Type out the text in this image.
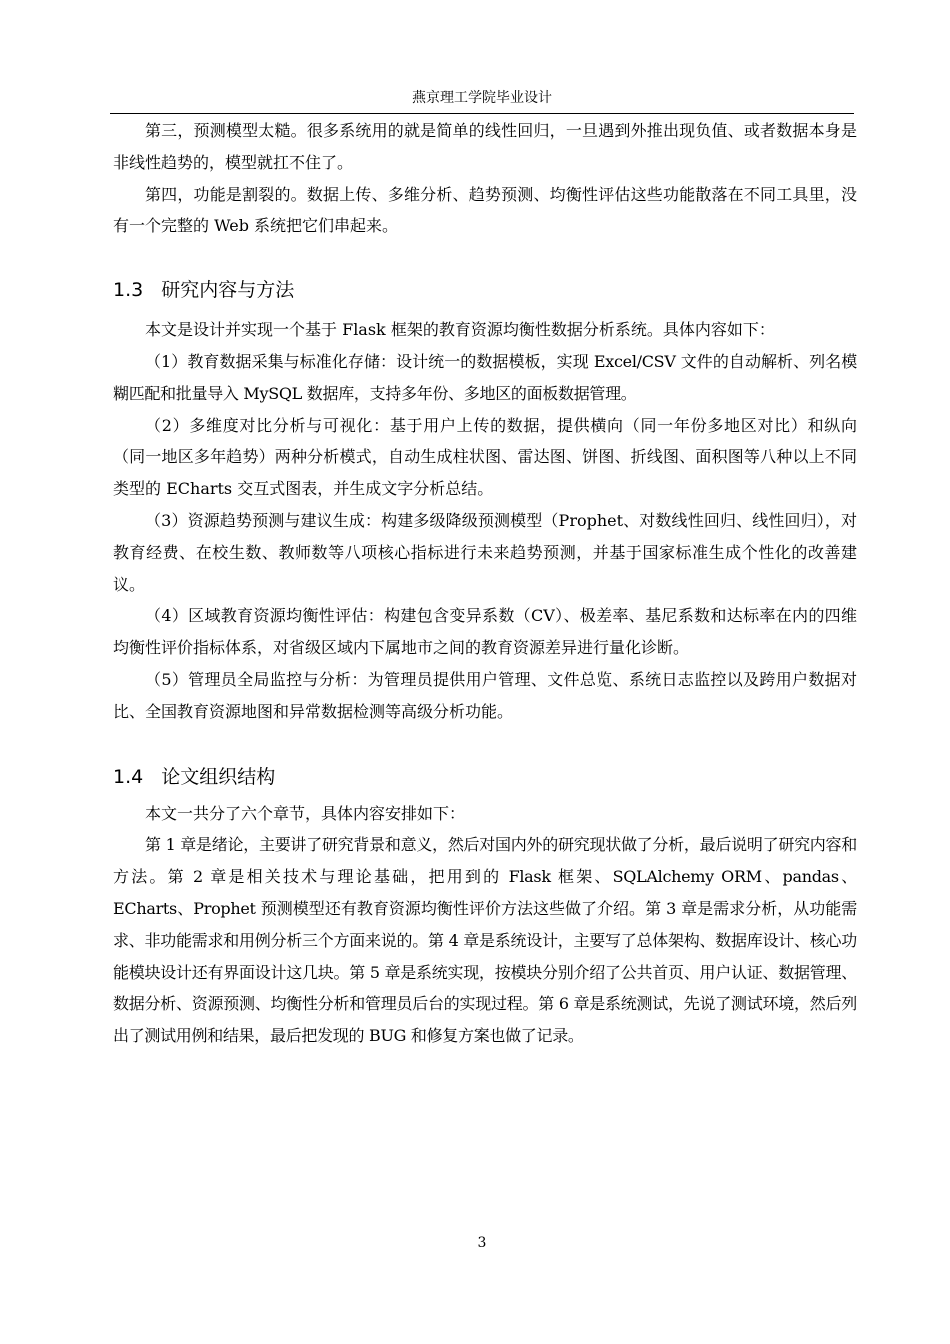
燕京理工学院毕业设计

第三，预测模型太糙。很多系统用的就是简单的线性回归，一旦遇到外推出现负值、或者数据本身是非线性趋势的，模型就扛不住了。

第四，功能是割裂的。数据上传、多维分析、趋势预测、均衡性评估这些功能散落在不同工具里，没有一个完整的 Web 系统把它们串起来。

1.3 研究内容与方法

本文是设计并实现一个基于 Flask 框架的教育资源均衡性数据分析系统。具体内容如下：

（1）教育数据采集与标准化存储：设计统一的数据模板，实现 Excel/CSV 文件的自动解析、列名模糊匹配和批量导入 MySQL 数据库，支持多年份、多地区的面板数据管理。

（2）多维度对比分析与可视化：基于用户上传的数据，提供横向（同一年份多地区对比）和纵向（同一地区多年趋势）两种分析模式，自动生成柱状图、雷达图、饼图、折线图、面积图等八种以上不同类型的 ECharts 交互式图表，并生成文字分析总结。

（3）资源趋势预测与建议生成：构建多级降级预测模型（Prophet、对数线性回归、线性回归），对教育经费、在校生数、教师数等八项核心指标进行未来趋势预测，并基于国家标准生成个性化的改善建议。

（4）区域教育资源均衡性评估：构建包含变异系数（CV）、极差率、基尼系数和达标率在内的四维均衡性评价指标体系，对省级区域内下属地市之间的教育资源差异进行量化诊断。

（5）管理员全局监控与分析：为管理员提供用户管理、文件总览、系统日志监控以及跨用户数据对比、全国教育资源地图和异常数据检测等高级分析功能。

1.4 论文组织结构

本文一共分了六个章节，具体内容安排如下：

第 1 章是绪论，主要讲了研究背景和意义，然后对国内外的研究现状做了分析，最后说明了研究内容和方法。第 2 章是相关技术与理论基础，把用到的 Flask 框架、SQLAlchemy ORM、pandas、ECharts、Prophet 预测模型还有教育资源均衡性评价方法这些做了介绍。第 3 章是需求分析，从功能需求、非功能需求和用例分析三个方面来说的。第 4 章是系统设计，主要写了总体架构、数据库设计、核心功能模块设计还有界面设计这几块。第 5 章是系统实现，按模块分别介绍了公共首页、用户认证、数据管理、数据分析、资源预测、均衡性分析和管理员后台的实现过程。第 6 章是系统测试，先说了测试环境，然后列出了测试用例和结果，最后把发现的 BUG 和修复方案也做了记录。

3
